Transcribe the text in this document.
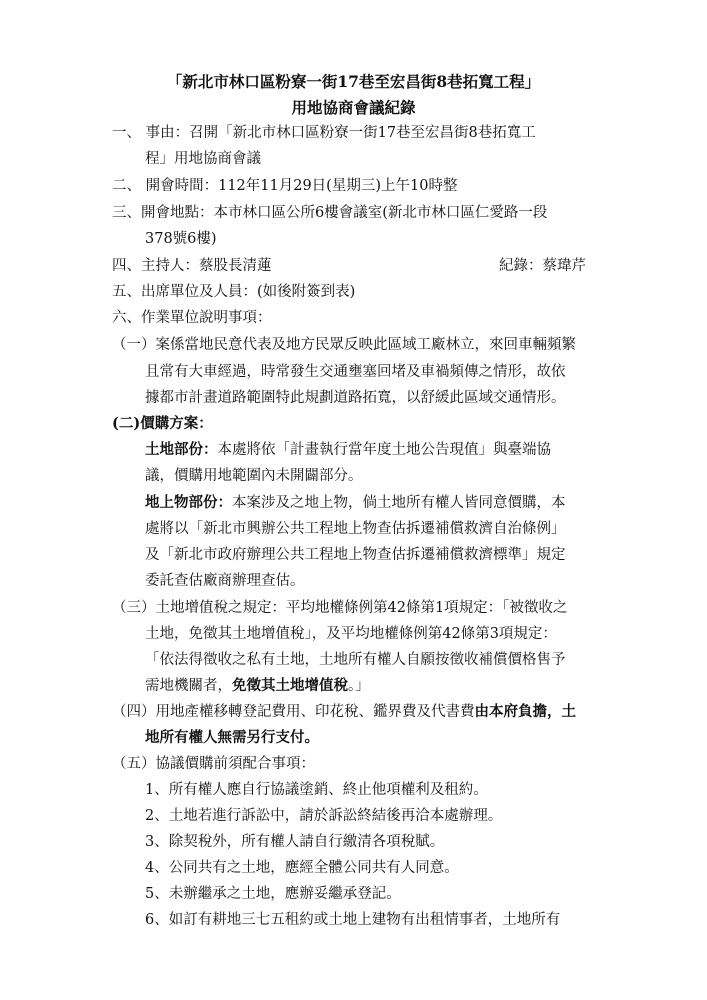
「新北市林口區粉寮一街17巷至宏昌街8巷拓寬工程」
用地協商會議紀錄
一、 事由：召開「新北市林口區粉寮一街17巷至宏昌街8巷拓寬工
程」用地協商會議
二、 開會時間：112年11月29日(星期三)上午10時整
三、開會地點：本市林口區公所6樓會議室(新北市林口區仁愛路一段
378號6樓)
四、主持人：蔡股長清蓮	紀錄：蔡瑋芹
五、出席單位及人員：(如後附簽到表)
六、作業單位說明事項：
（一）案係當地民意代表及地方民眾反映此區域工廠林立，來回車輛頻繁
且常有大車經過，時常發生交通壅塞回堵及車禍頻傳之情形，故依
據都市計畫道路範圍特此規劃道路拓寬，以舒緩此區域交通情形。
(二)價購方案：
土地部份：本處將依「計畫執行當年度土地公告現值」與臺端協
議，價購用地範圍內未開闢部分。
地上物部份：本案涉及之地上物，倘土地所有權人皆同意價購，本
處將以「新北市興辦公共工程地上物查估拆遷補償救濟自治條例」
及「新北市政府辦理公共工程地上物查估拆遷補償救濟標準」規定
委託查估廠商辦理查估。
（三）土地增值稅之規定：平均地權條例第42條第1項規定：「被徵收之
土地，免徵其土地增值稅」，及平均地權條例第42條第3項規定：
「依法得徵收之私有土地，土地所有權人自願按徵收補償價格售予
需地機關者，免徵其土地增值稅。」
（四）用地產權移轉登記費用、印花稅、鑑界費及代書費由本府負擔，土
地所有權人無需另行支付。
（五）協議價購前須配合事項：
1、所有權人應自行協議塗銷、終止他項權利及租約。
2、土地若進行訴訟中，請於訴訟終結後再洽本處辦理。
3、除契稅外，所有權人請自行繳清各項稅賦。
4、公同共有之土地，應經全體公同共有人同意。
5、未辦繼承之土地，應辦妥繼承登記。
6、如訂有耕地三七五租約或土地上建物有出租情事者，土地所有
